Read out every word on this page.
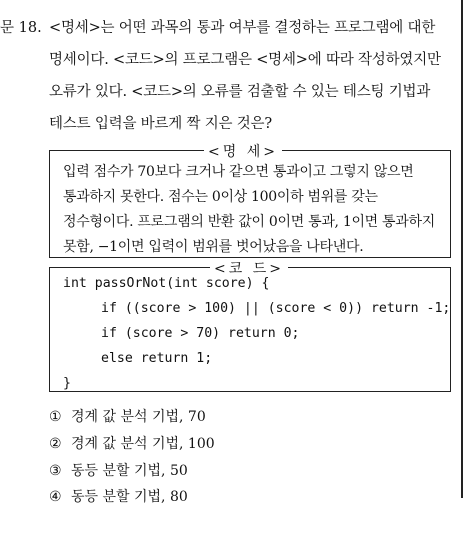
문 18. <명세>는 어떤 과목의 통과 여부를 결정하는 프로그램에 대한
명세이다. <코드>의 프로그램은 <명세>에 따라 작성하였지만
오류가 있다. <코드>의 오류를 검출할 수 있는 테스팅 기법과
테스트 입력을 바르게 짝 지은 것은?
<명 세>
입력 점수가 70보다 크거나 같으면 통과이고 그렇지 않으면
통과하지 못한다. 점수는 0이상 100이하 범위를 갖는
정수형이다. 프로그램의 반환 값이 0이면 통과, 1이면 통과하지
못함, −1이면 입력이 범위를 벗어났음을 나타낸다.
<코 드>
int passOrNot(int score) {
if ((score > 100) || (score < 0)) return -1;
if (score > 70) return 0;
else return 1;
}
① 경계 값 분석 기법, 70
② 경계 값 분석 기법, 100
③ 동등 분할 기법, 50
④ 동등 분할 기법, 80
